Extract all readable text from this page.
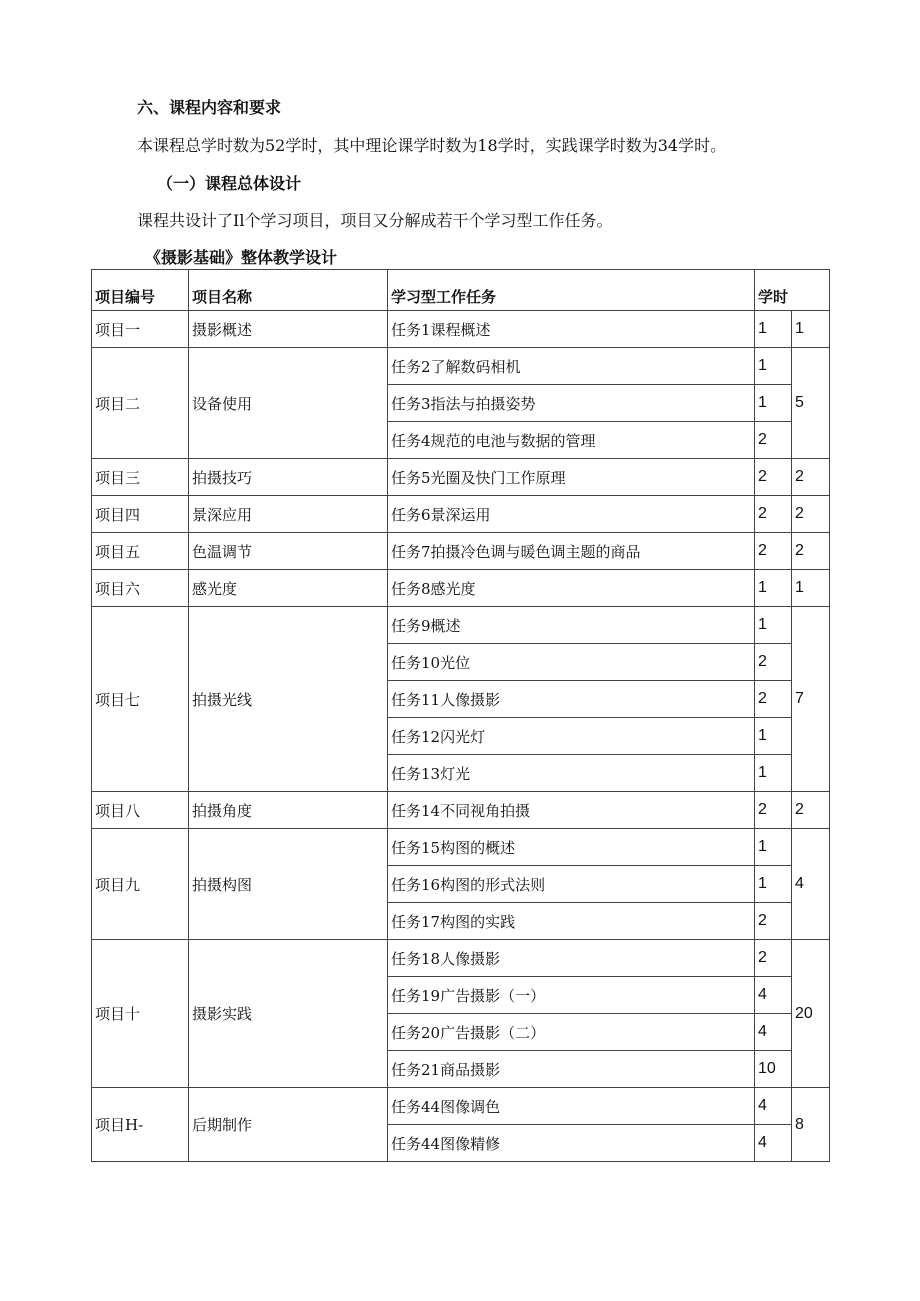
六、课程内容和要求
本课程总学时数为52学时，其中理论课学时数为18学时，实践课学时数为34学时。
（一）课程总体设计
课程共设计了Il个学习项目，项目又分解成若干个学习型工作任务。
《摄影基础》整体教学设计
项目编号	项目名称	学习型工作任务	学时	
项目一	摄影概述	任务1课程概述	1	1
项目二	设备使用	任务2了解数码相机	1	5
		任务3指法与拍摄姿势	1	
		任务4规范的电池与数据的管理	2	
项目三	拍摄技巧	任务5光圈及快门工作原理	2	2
项目四	景深应用	任务6景深运用	2	2
项目五	色温调节	任务7拍摄冷色调与暖色调主题的商品	2	2
项目六	感光度	任务8感光度	1	1
项目七	拍摄光线	任务9概述	1	7
		任务10光位	2	
		任务11人像摄影	2	
		任务12闪光灯	1	
		任务13灯光	1	
项目八	拍摄角度	任务14不同视角拍摄	2	2
项目九	拍摄构图	任务15构图的概述	1	4
		任务16构图的形式法则	1	
		任务17构图的实践	2	
项目十	摄影实践	任务18人像摄影	2	20
		任务19广告摄影（一）	4	
		任务20广告摄影（二）	4	
		任务21商品摄影	10	
项目H-	后期制作	任务44图像调色	4	8
		任务44图像精修	4	
